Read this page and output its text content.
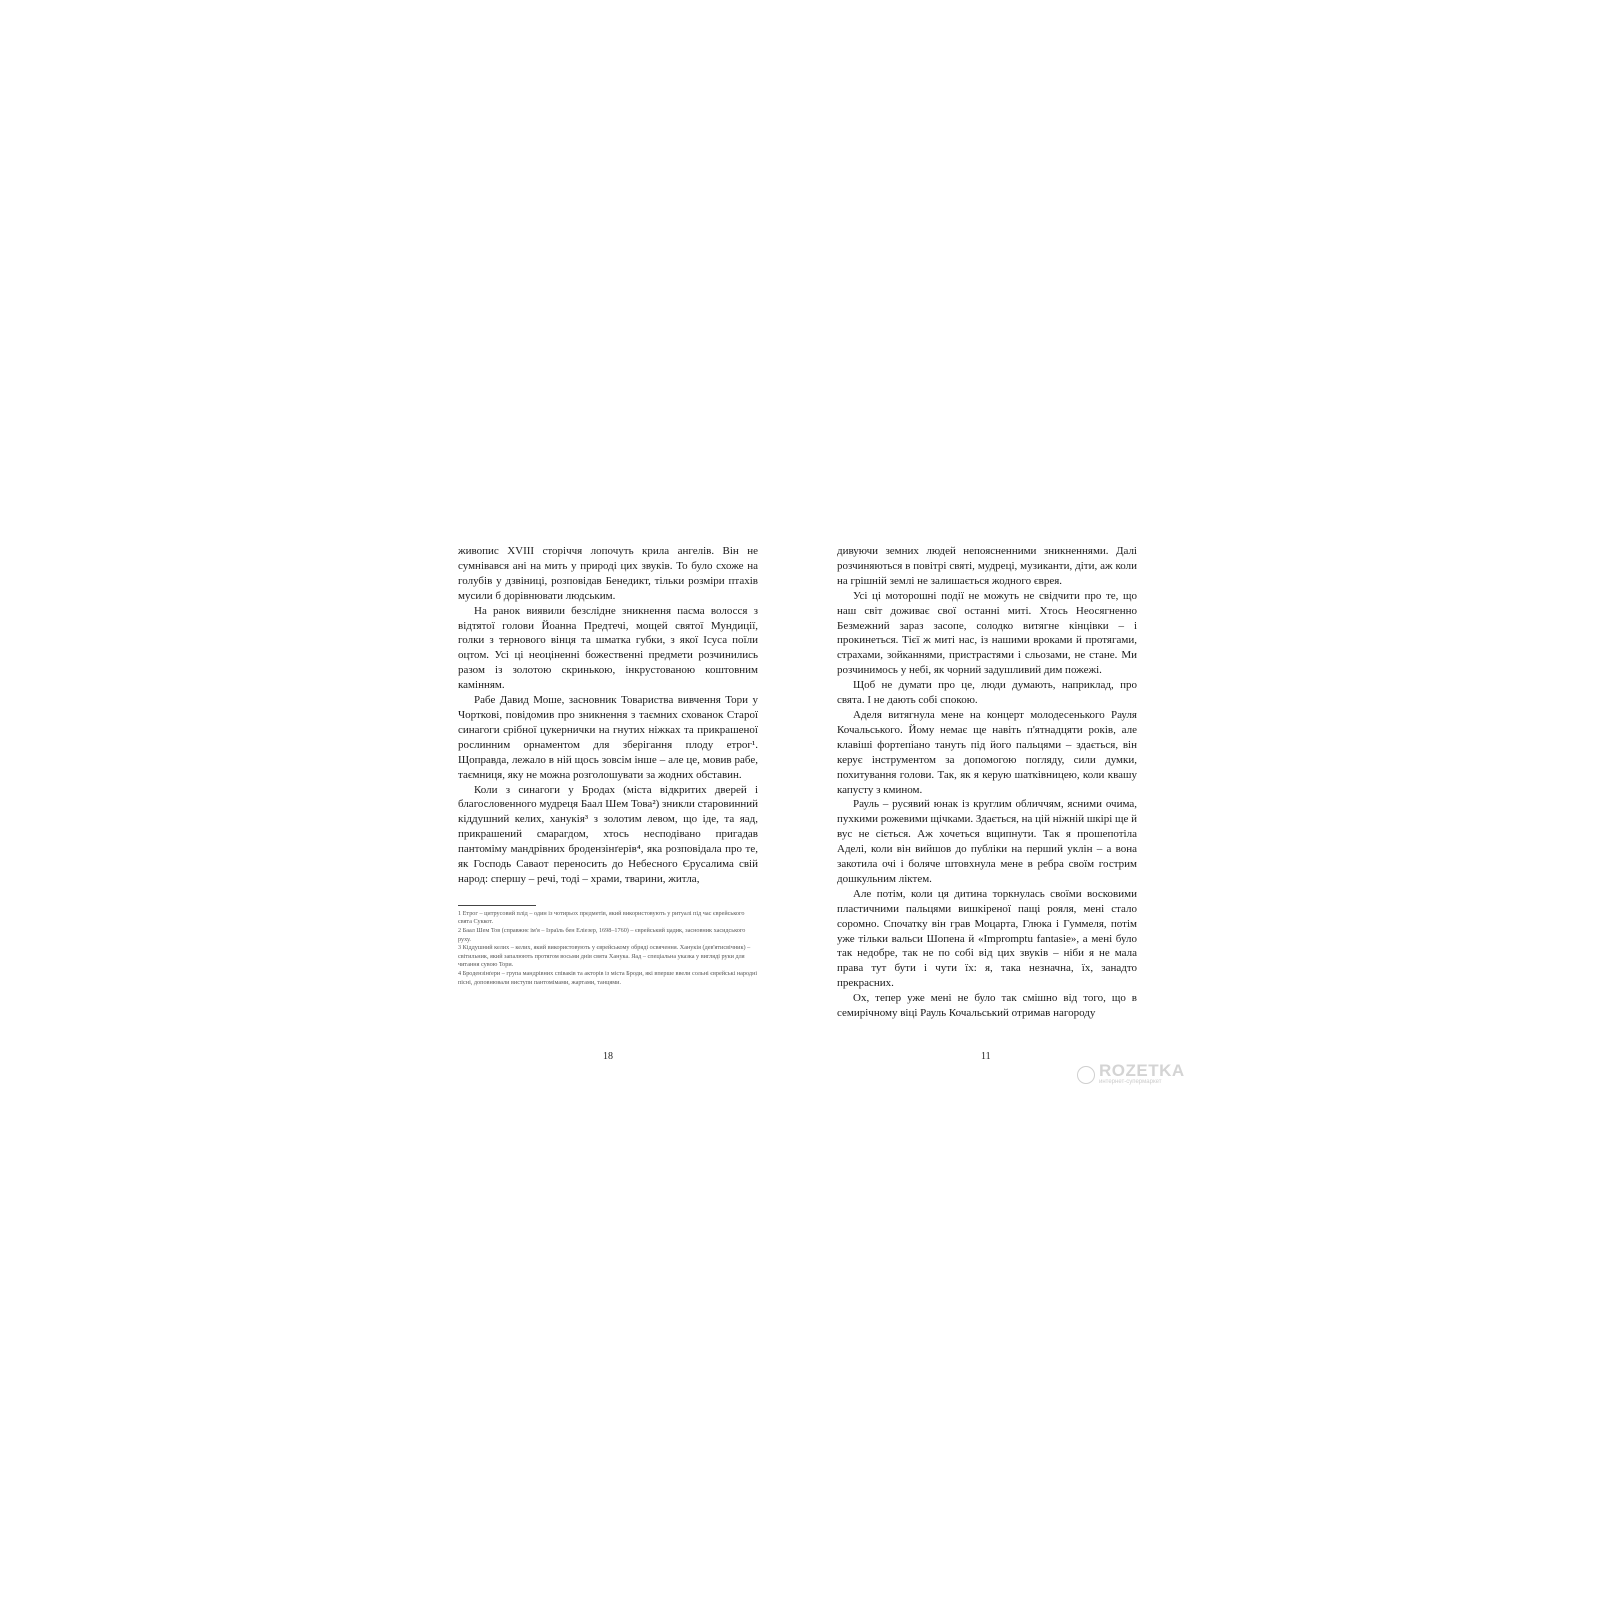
живопис XVIII сторіччя лопочуть крила ангелів. Він не сумнівався ані на мить у природі цих звуків. То було схоже на голубів у дзвіниці, розповідав Бенедикт, тільки розміри птахів мусили б дорівнювати людським.

На ранок виявили безслідне зникнення пасма волосся з відтятої голови Йоанна Предтечі, мощей святої Мундиції, голки з тернового вінця та шматка губки, з якої Ісуса поїли оцтом. Усі ці неоціненні божественні предмети розчинились разом із золотою скринькою, інкрустованою коштовним камінням.

Рабе Давид Моше, засновник Товариства вивчення Тори у Чорткові, повідомив про зникнення з таємних схованок Старої синагоги срібної цукернички на гнутих ніжках та прикрашеної рослинним орнаментом для зберігання плоду етрог¹. Щоправда, лежало в ній щось зовсім інше – але це, мовив рабе, таємниця, яку не можна розголошувати за жодних обставин.

Коли з синагоги у Бродах (міста відкритих дверей і благословенного мудреця Баал Шем Това²) зникли старовинний кіддушний келих, ханукія³ з золотим левом, що іде, та яад, прикрашений смарагдом, хтось несподівано пригадав пантоміму мандрівних бродензінґерів⁴, яка розповідала про те, як Господь Саваот переносить до Небесного Єрусалима свій народ: спершу – речі, тоді – храми, тварини, житла,

1 Етрог – цитрусовий плід – один із чотирьох предметів, який використовують у ритуалі під час єврейського свята Суккот.
2 Баал Шем Тов (справжнє ім'я – Ізраїль бен Еліезер, 1698–1760) – єврейський цадик, засновник хасидського руху.
3 Кіддушний келих – келих, який використовують у єврейському обряді освячення. Ханукія (дев'ятисвічник) – світильник, який запалюють протягом восьми днів свята Ханука. Яад – спеціальна указка у вигляді руки для читання сувою Тори.
4 Бродензінґери – група мандрівних співаків та акторів із міста Броди, які вперше ввели сольні єврейські народні пісні, доповнювали виступи пантомімами, жартами, танцями.

дивуючи земних людей непоясненними зникненнями. Далі розчиняються в повітрі святі, мудреці, музиканти, діти, аж коли на грішній землі не залишається жодного єврея.

Усі ці моторошні події не можуть не свідчити про те, що наш світ доживає свої останні миті. Хтось Неосягненно Безмежний зараз засопе, солодко витягне кінцівки – і прокинеться. Тієї ж миті нас, із нашими вроками й протягами, страхами, зойканнями, пристрастями і сльозами, не стане. Ми розчинимось у небі, як чорний задушливий дим пожежі.

Щоб не думати про це, люди думають, наприклад, про свята. І не дають собі спокою.

Аделя витягнула мене на концерт молодесенького Рауля Кочальського. Йому немає ще навіть п'ятнадцяти років, але клавіші фортепіано тануть під його пальцями – здається, він керує інструментом за допомогою погляду, сили думки, похитування голови. Так, як я керую шатківницею, коли квашу капусту з кмином.

Рауль – русявий юнак із круглим обличчям, ясними очима, пухкими рожевими щічками. Здається, на цій ніжній шкірі ще й вус не сіється. Аж хочеться вщипнути. Так я прошепотіла Аделі, коли він вийшов до публіки на перший уклін – а вона закотила очі і боляче штовхнула мене в ребра своїм гострим дошкульним ліктем.

Але потім, коли ця дитина торкнулась своїми восковими пластичними пальцями вишкіреної пащі рояля, мені стало соромно. Спочатку він грав Моцарта, Глюка і Гуммеля, потім уже тільки вальси Шопена й «Impromptu fantasie», а мені було так недобре, так не по собі від цих звуків – ніби я не мала права тут бути і чути їх: я, така незначна, їх, занадто прекрасних.

Ох, тепер уже мені не було так смішно від того, що в семирічному віці Рауль Кочальський отримав нагороду

18	11
ROZETKA
интернет-супермаркет
